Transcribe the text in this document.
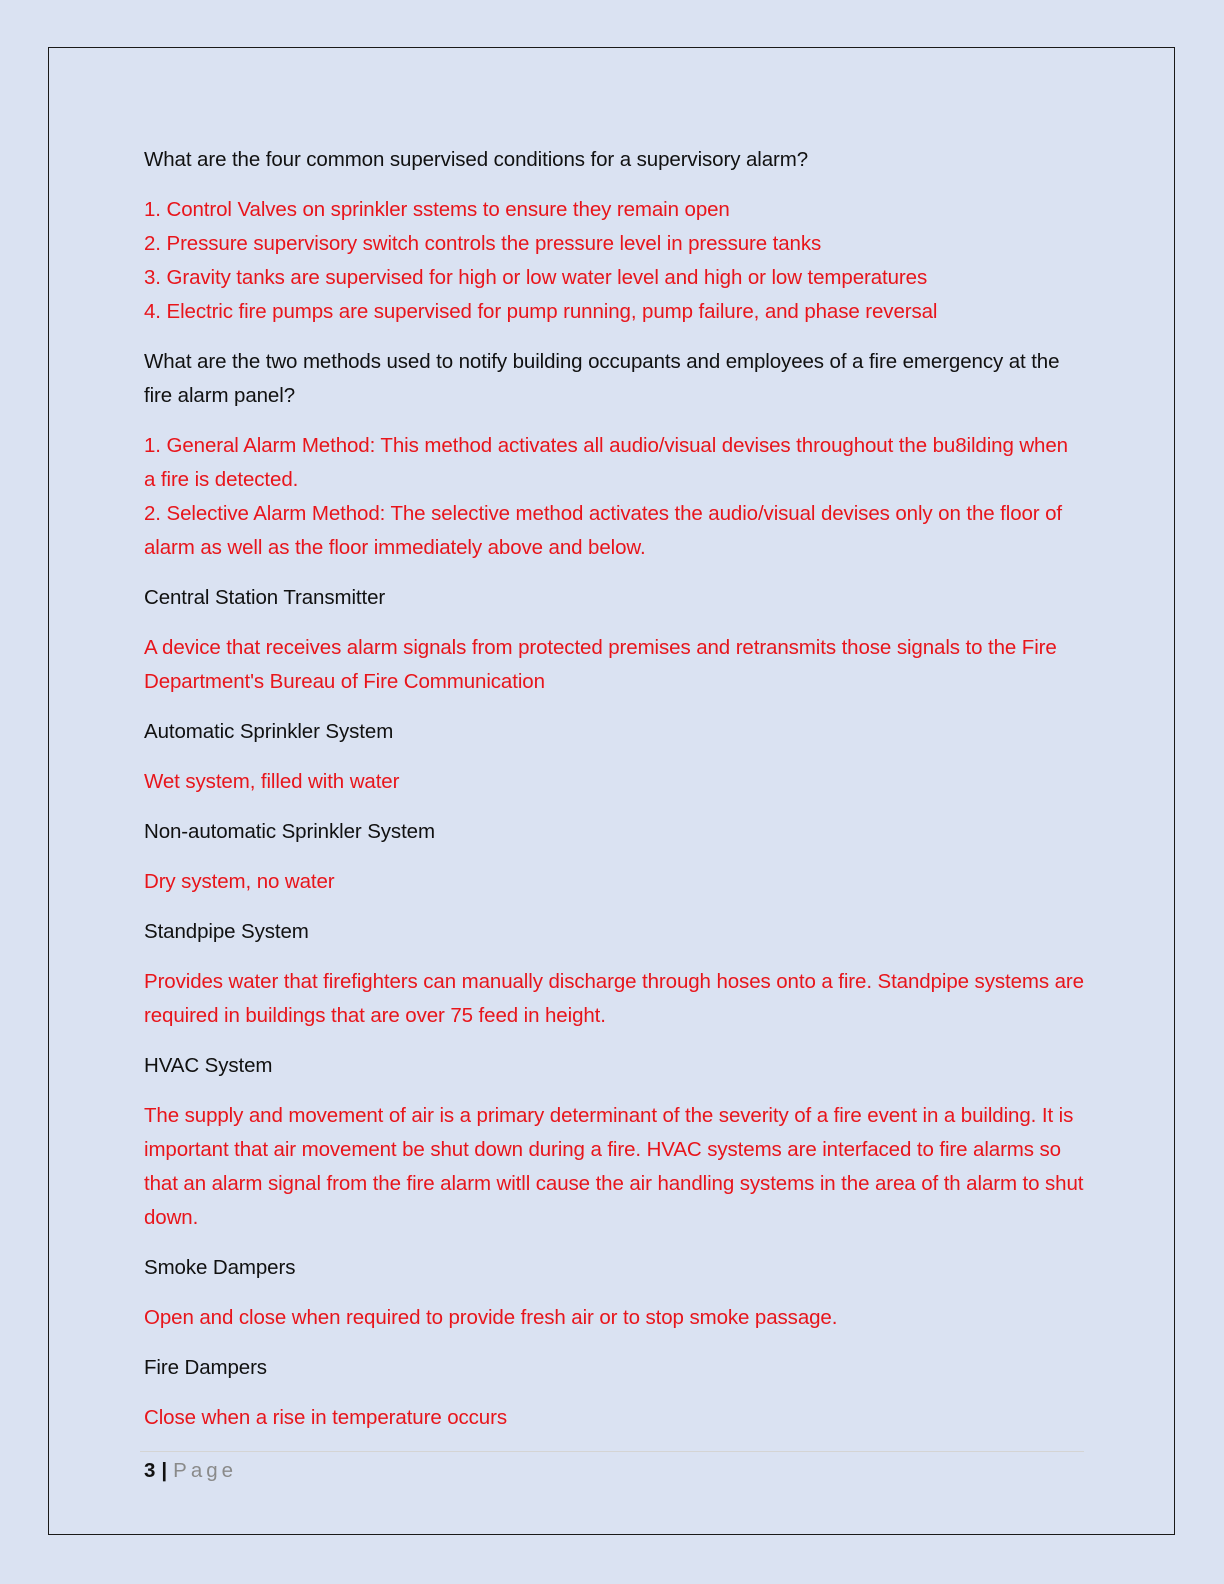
What are the four common supervised conditions for a supervisory alarm?

1. Control Valves on sprinkler sstems to ensure they remain open

2. Pressure supervisory switch controls the pressure level in pressure tanks

3. Gravity tanks are supervised for high or low water level and high or low temperatures

4. Electric fire pumps are supervised for pump running, pump failure, and phase reversal

What are the two methods used to notify building occupants and employees of a fire emergency at the fire alarm panel?

1. General Alarm Method: This method activates all audio/visual devises throughout the bu8ilding when a fire is detected.

2. Selective Alarm Method: The selective method activates the audio/visual devises only on the floor of alarm as well as the floor immediately above and below.

Central Station Transmitter

A device that receives alarm signals from protected premises and retransmits those signals to the Fire Department's Bureau of Fire Communication

Automatic Sprinkler System

Wet system, filled with water

Non-automatic Sprinkler System

Dry system, no water

Standpipe System

Provides water that firefighters can manually discharge through hoses onto a fire. Standpipe systems are required in buildings that are over 75 feed in height.

HVAC System

The supply and movement of air is a primary determinant of the severity of a fire event in a building. It is important that air movement be shut down during a fire. HVAC systems are interfaced to fire alarms so that an alarm signal from the fire alarm witll cause the air handling systems in the area of th alarm to shut down.

Smoke Dampers

Open and close when required to provide fresh air or to stop smoke passage.

Fire Dampers

Close when a rise in temperature occurs

3 | Page
